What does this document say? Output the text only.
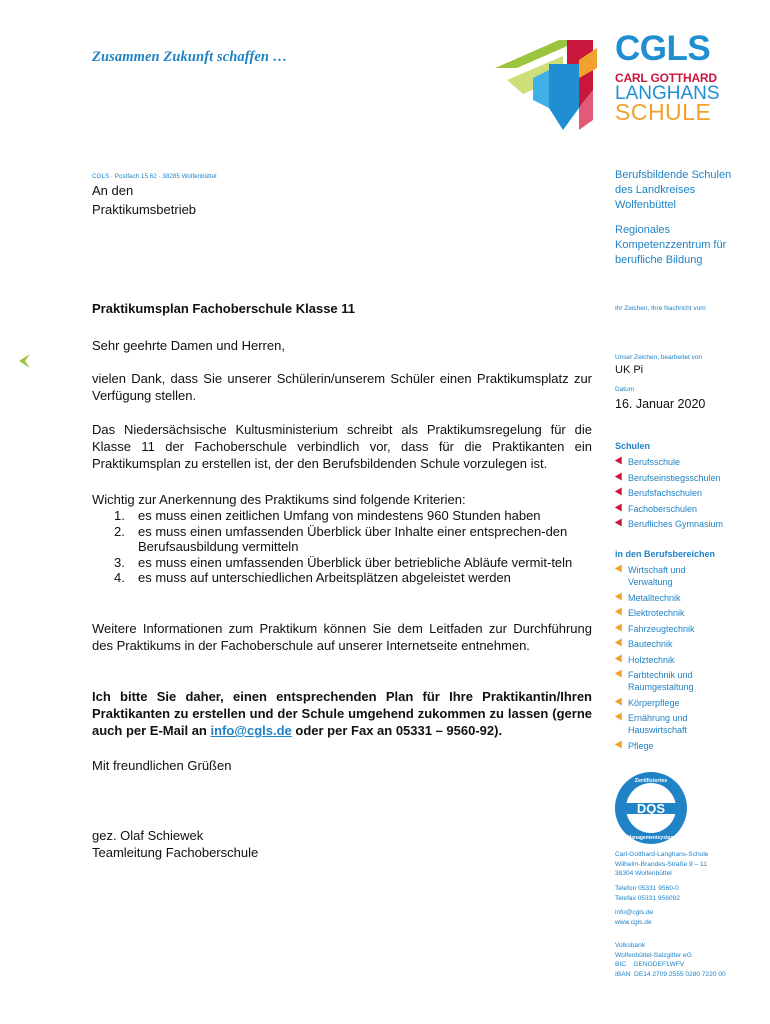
Zusammen Zukunft schaffen …	CGLS
CARL GOTTHARD
LANGHANS
SCHULE
CGLS · Postfach 15 62 · 38285 Wolfenbüttel
An den
Praktikumsbetrieb
Berufsbildende Schulen
des Landkreises
Wolfenbüttel
Regionales
Kompetenzzentrum für
berufliche Bildung
Ihr Zeichen, Ihre Nachricht vom
Unser Zeichen, bearbeitet von
UK Pi
Datum
16. Januar 2020
Praktikumsplan Fachoberschule Klasse 11
Sehr geehrte Damen und Herren,
vielen Dank, dass Sie unserer Schülerin/unserem Schüler einen Praktikumsplatz zur Verfügung stellen.
Das Niedersächsische Kultusministerium schreibt als Praktikumsregelung für die Klasse 11 der Fachoberschule verbindlich vor, dass für die Praktikanten ein Praktikumsplan zu erstellen ist, der den Berufsbildenden Schule vorzulegen ist.
Wichtig zur Anerkennung des Praktikums sind folgende Kriterien:
1. es muss einen zeitlichen Umfang von mindestens 960 Stunden haben
2. es muss einen umfassenden Überblick über Inhalte einer entsprechen-den Berufsausbildung vermitteln
3. es muss einen umfassenden Überblick über betriebliche Abläufe vermit-teln
4. es muss auf unterschiedlichen Arbeitsplätzen abgeleistet werden
Weitere Informationen zum Praktikum können Sie dem Leitfaden zur Durchführung des Praktikums in der Fachoberschule auf unserer Internetseite entnehmen.
Ich bitte Sie daher, einen entsprechenden Plan für Ihre Praktikantin/Ihren Praktikanten zu erstellen und der Schule umgehend zukommen zu lassen (gerne auch per E-Mail an info@cgls.de oder per Fax an 05331 – 9560-92).
Mit freundlichen Grüßen
gez. Olaf Schiewek
Teamleitung Fachoberschule
Schulen
Berufsschule
Berufseinstiegsschulen
Berufsfachschulen
Fachoberschulen
Berufliches Gymnasium
in den Berufsbereichen
Wirtschaft und Verwaltung
Metalltechnik
Elektrotechnik
Fahrzeugtechnik
Bautechnik
Holztechnik
Farbtechnik und Raumgestaltung
Körperpflege
Ernährung und Hauswirtschaft
Pflege
DQS
Zertifiziertes
Managementsystem
Carl-Gotthard-Langhans-Schule
Wilhelm-Brandes-Straße 9 – 11
38304 Wolfenbüttel
Telefon 05331 9560-0
Telefax 05331 956092
info@cgls.de
www.cgls.de
Volksbank
Wolfenbüttel-Salzgitter eG
BIC    GENODEF1WFV
IBAN  DE14 2709 2555 0280 7220 00
